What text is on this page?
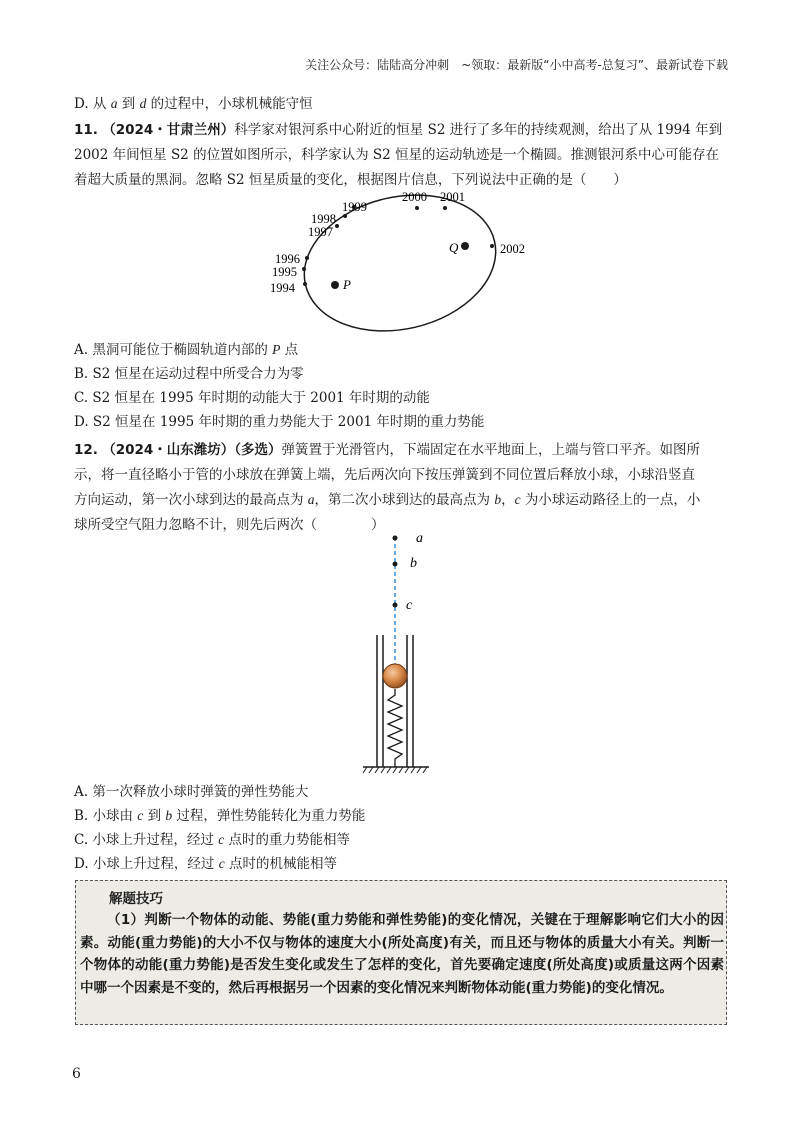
关注公众号：陆陆高分冲刺　~领取：最新版“小中高考-总复习”、最新试卷下载
D. 从 a 到 d 的过程中，小球机械能守恒
11. （2024・甘肃兰州）科学家对银河系中心附近的恒星 S2 进行了多年的持续观测，给出了从 1994 年到
2002 年间恒星 S2 的位置如图所示，科学家认为 S2 恒星的运动轨迹是一个椭圆。推测银河系中心可能存在
着超大质量的黑洞。忽略 S2 恒星质量的变化，根据图片信息，下列说法中正确的是（　　）
1999
1998
1997
1996
1995
1994
2000 2001
2002
P
Q
A. 黑洞可能位于椭圆轨道内部的 P 点
B. S2 恒星在运动过程中所受合力为零
C. S2 恒星在 1995 年时期的动能大于 2001 年时期的动能
D. S2 恒星在 1995 年时期的重力势能大于 2001 年时期的重力势能
12. （2024・山东潍坊）（多选）弹簧置于光滑管内，下端固定在水平地面上，上端与管口平齐。如图所
示，将一直径略小于管的小球放在弹簧上端，先后两次向下按压弹簧到不同位置后释放小球，小球沿竖直
方向运动，第一次小球到达的最高点为 a，第二次小球到达的最高点为 b，c 为小球运动路径上的一点，小
球所受空气阻力忽略不计，则先后两次（　　　　）
a
b
c
A. 第一次释放小球时弹簧的弹性势能大
B. 小球由 c 到 b 过程，弹性势能转化为重力势能
C. 小球上升过程，经过 c 点时的重力势能相等
D. 小球上升过程，经过 c 点时的机械能相等
解题技巧
（1）判断一个物体的动能、势能(重力势能和弹性势能)的变化情况，关键在于理解影响它们大小的因素。动能(重力势能)的大小不仅与物体的速度大小(所处高度)有关，而且还与物体的质量大小有关。判断一个物体的动能(重力势能)是否发生变化或发生了怎样的变化，首先要确定速度(所处高度)或质量这两个因素中哪一个因素是不变的，然后再根据另一个因素的变化情况来判断物体动能(重力势能)的变化情况。
6
